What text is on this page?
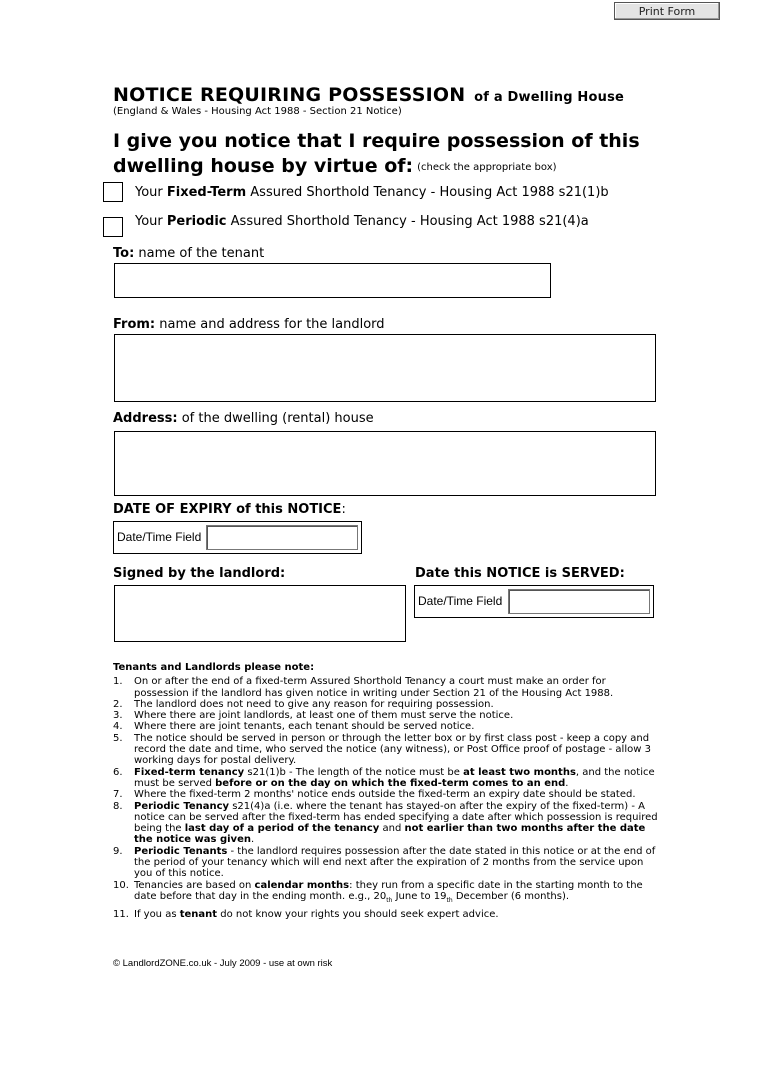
Print Form
NOTICE REQUIRING POSSESSION of a Dwelling House
(England & Wales - Housing Act 1988 - Section 21 Notice)
I give you notice that I require possession of this
dwelling house by virtue of: (check the appropriate box)
Your Fixed-Term Assured Shorthold Tenancy - Housing Act 1988 s21(1)b
Your Periodic Assured Shorthold Tenancy - Housing Act 1988 s21(4)a
To: name of the tenant
From: name and address for the landlord
Address: of the dwelling (rental) house
DATE OF EXPIRY of this NOTICE:
Date/Time Field
Signed by the landlord:	Date this NOTICE is SERVED:
Date/Time Field
Tenants and Landlords please note:
1. On or after the end of a fixed-term Assured Shorthold Tenancy a court must make an order for possession if the landlord has given notice in writing under Section 21 of the Housing Act 1988.
2. The landlord does not need to give any reason for requiring possession.
3. Where there are joint landlords, at least one of them must serve the notice.
4. Where there are joint tenants, each tenant should be served notice.
5. The notice should be served in person or through the letter box or by first class post - keep a copy and record the date and time, who served the notice (any witness), or Post Office proof of postage - allow 3 working days for postal delivery.
6. Fixed-term tenancy s21(1)b - The length of the notice must be at least two months, and the notice must be served before or on the day on which the fixed-term comes to an end.
7. Where the fixed-term 2 months' notice ends outside the fixed-term an expiry date should be stated.
8. Periodic Tenancy s21(4)a (i.e. where the tenant has stayed-on after the expiry of the fixed-term) - A notice can be served after the fixed-term has ended specifying a date after which possession is required being the last day of a period of the tenancy and not earlier than two months after the date the notice was given.
9. Periodic Tenants - the landlord requires possession after the date stated in this notice or at the end of the period of your tenancy which will end next after the expiration of 2 months from the service upon you of this notice.
10. Tenancies are based on calendar months: they run from a specific date in the starting month to the date before that day in the ending month. e.g., $20_{th}$ June to $19_{th}$ December (6 months).
11. If you as tenant do not know your rights you should seek expert advice.
© LandlordZONE.co.uk - July 2009 - use at own risk
